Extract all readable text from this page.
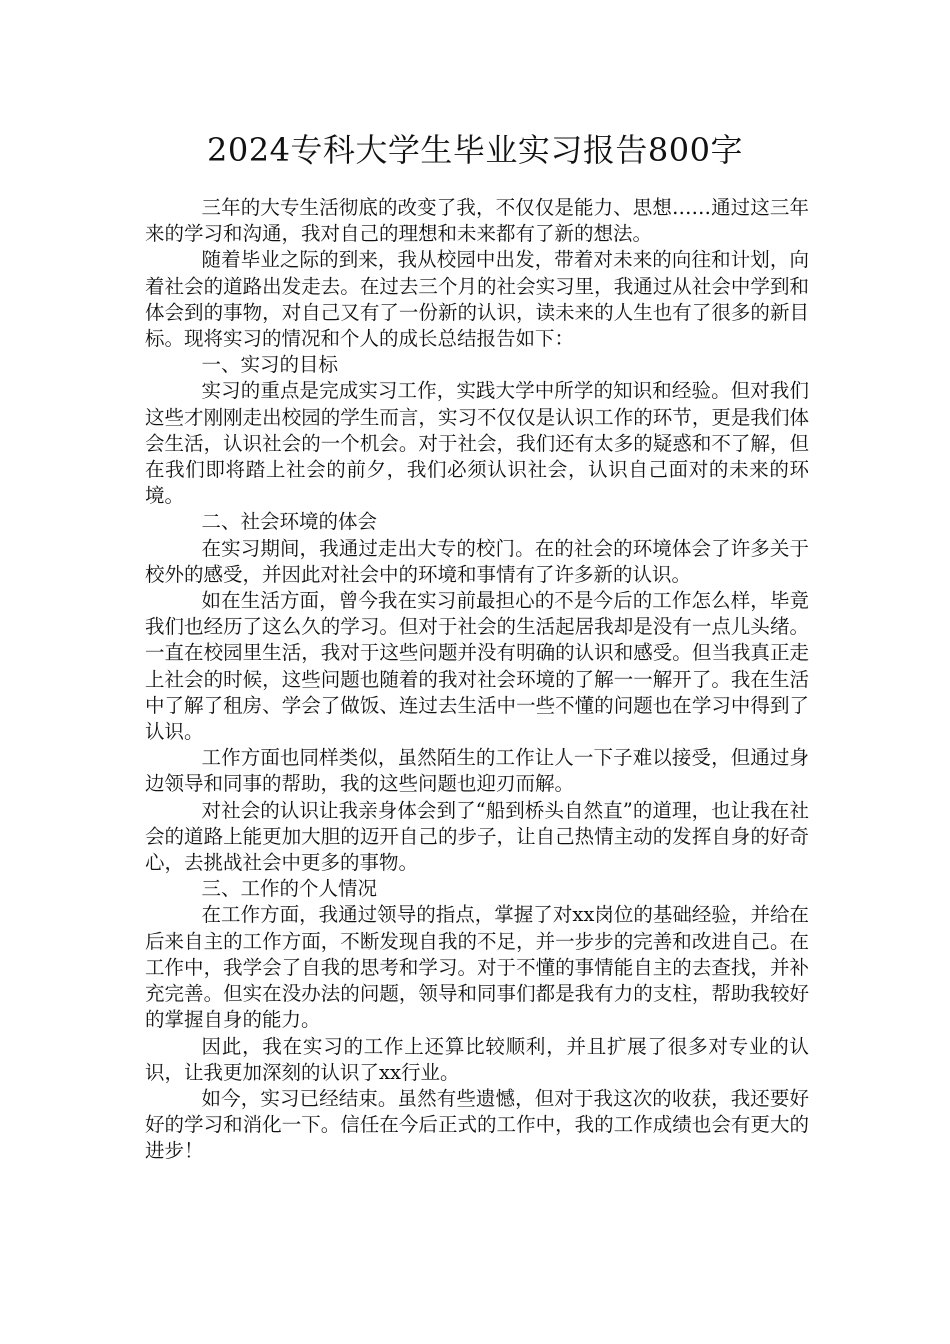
2024专科大学生毕业实习报告800字

三年的大专生活彻底的改变了我，不仅仅是能力、思想……通过这三年来的学习和沟通，我对自己的理想和未来都有了新的想法。

随着毕业之际的到来，我从校园中出发，带着对未来的向往和计划，向着社会的道路出发走去。在过去三个月的社会实习里，我通过从社会中学到和体会到的事物，对自己又有了一份新的认识，读未来的人生也有了很多的新目标。现将实习的情况和个人的成长总结报告如下：

一、实习的目标

实习的重点是完成实习工作，实践大学中所学的知识和经验。但对我们这些才刚刚走出校园的学生而言，实习不仅仅是认识工作的环节，更是我们体会生活，认识社会的一个机会。对于社会，我们还有太多的疑惑和不了解，但在我们即将踏上社会的前夕，我们必须认识社会，认识自己面对的未来的环境。

二、社会环境的体会

在实习期间，我通过走出大专的校门。在的社会的环境体会了许多关于校外的感受，并因此对社会中的环境和事情有了许多新的认识。

如在生活方面，曾今我在实习前最担心的不是今后的工作怎么样，毕竟我们也经历了这么久的学习。但对于社会的生活起居我却是没有一点儿头绪。一直在校园里生活，我对于这些问题并没有明确的认识和感受。但当我真正走上社会的时候，这些问题也随着的我对社会环境的了解一一解开了。我在生活中了解了租房、学会了做饭、连过去生活中一些不懂的问题也在学习中得到了认识。

工作方面也同样类似，虽然陌生的工作让人一下子难以接受，但通过身边领导和同事的帮助，我的这些问题也迎刃而解。

对社会的认识让我亲身体会到了“船到桥头自然直”的道理，也让我在社会的道路上能更加大胆的迈开自己的步子，让自己热情主动的发挥自身的好奇心，去挑战社会中更多的事物。

三、工作的个人情况

在工作方面，我通过领导的指点，掌握了对xx岗位的基础经验，并给在后来自主的工作方面，不断发现自我的不足，并一步步的完善和改进自己。在工作中，我学会了自我的思考和学习。对于不懂的事情能自主的去查找，并补充完善。但实在没办法的问题，领导和同事们都是我有力的支柱，帮助我较好的掌握自身的能力。

因此，我在实习的工作上还算比较顺利，并且扩展了很多对专业的认识，让我更加深刻的认识了xx行业。

如今，实习已经结束。虽然有些遗憾，但对于我这次的收获，我还要好好的学习和消化一下。信任在今后正式的工作中，我的工作成绩也会有更大的进步！
